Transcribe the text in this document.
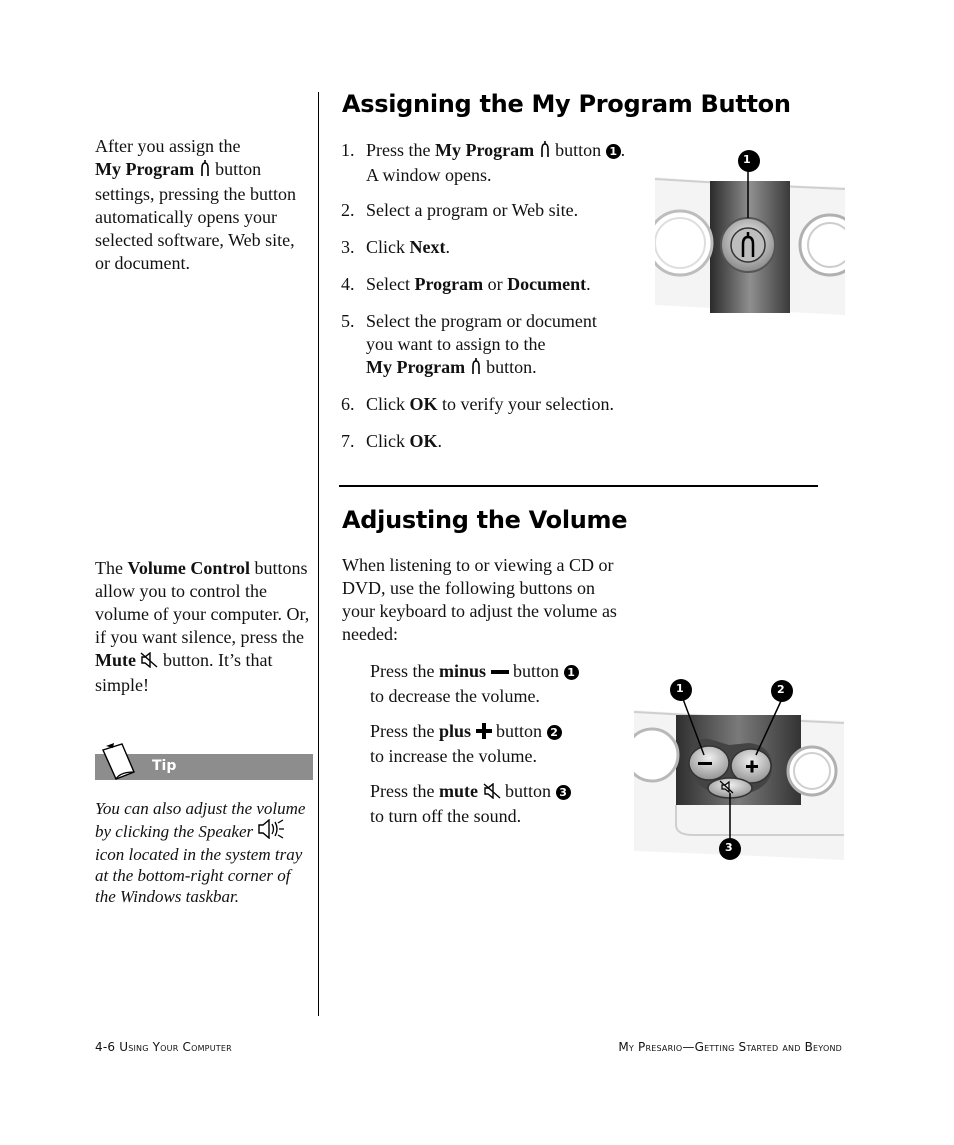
Assigning the My Program Button
After you assign the
My Program  button settings, pressing the button automatically opens your selected software, Web site, or document.
1. Press the My Program  button 1 .
A window opens.
2. Select a program or Web site.
3. Click Next.
4. Select Program or Document.
5. Select the program or document you want to assign to the
My Program  button.
6. Click OK to verify your selection.
7. Click OK.
1
Adjusting the Volume
The Volume Control buttons allow you to control the volume of your computer. Or, if you want silence, press the Mute  button. It’s that simple!
When listening to or viewing a CD or DVD, use the following buttons on your keyboard to adjust the volume as needed:
Press the minus  button 1
to decrease the volume.
Press the plus  button 2
to increase the volume.
Press the mute  button 3
to turn off the sound.
1	2
3
Tip
You can also adjust the volume by clicking the Speaker  icon located in the system tray at the bottom-right corner of the Windows taskbar.
4-6 Using Your Computer	My Presario—Getting Started and Beyond
